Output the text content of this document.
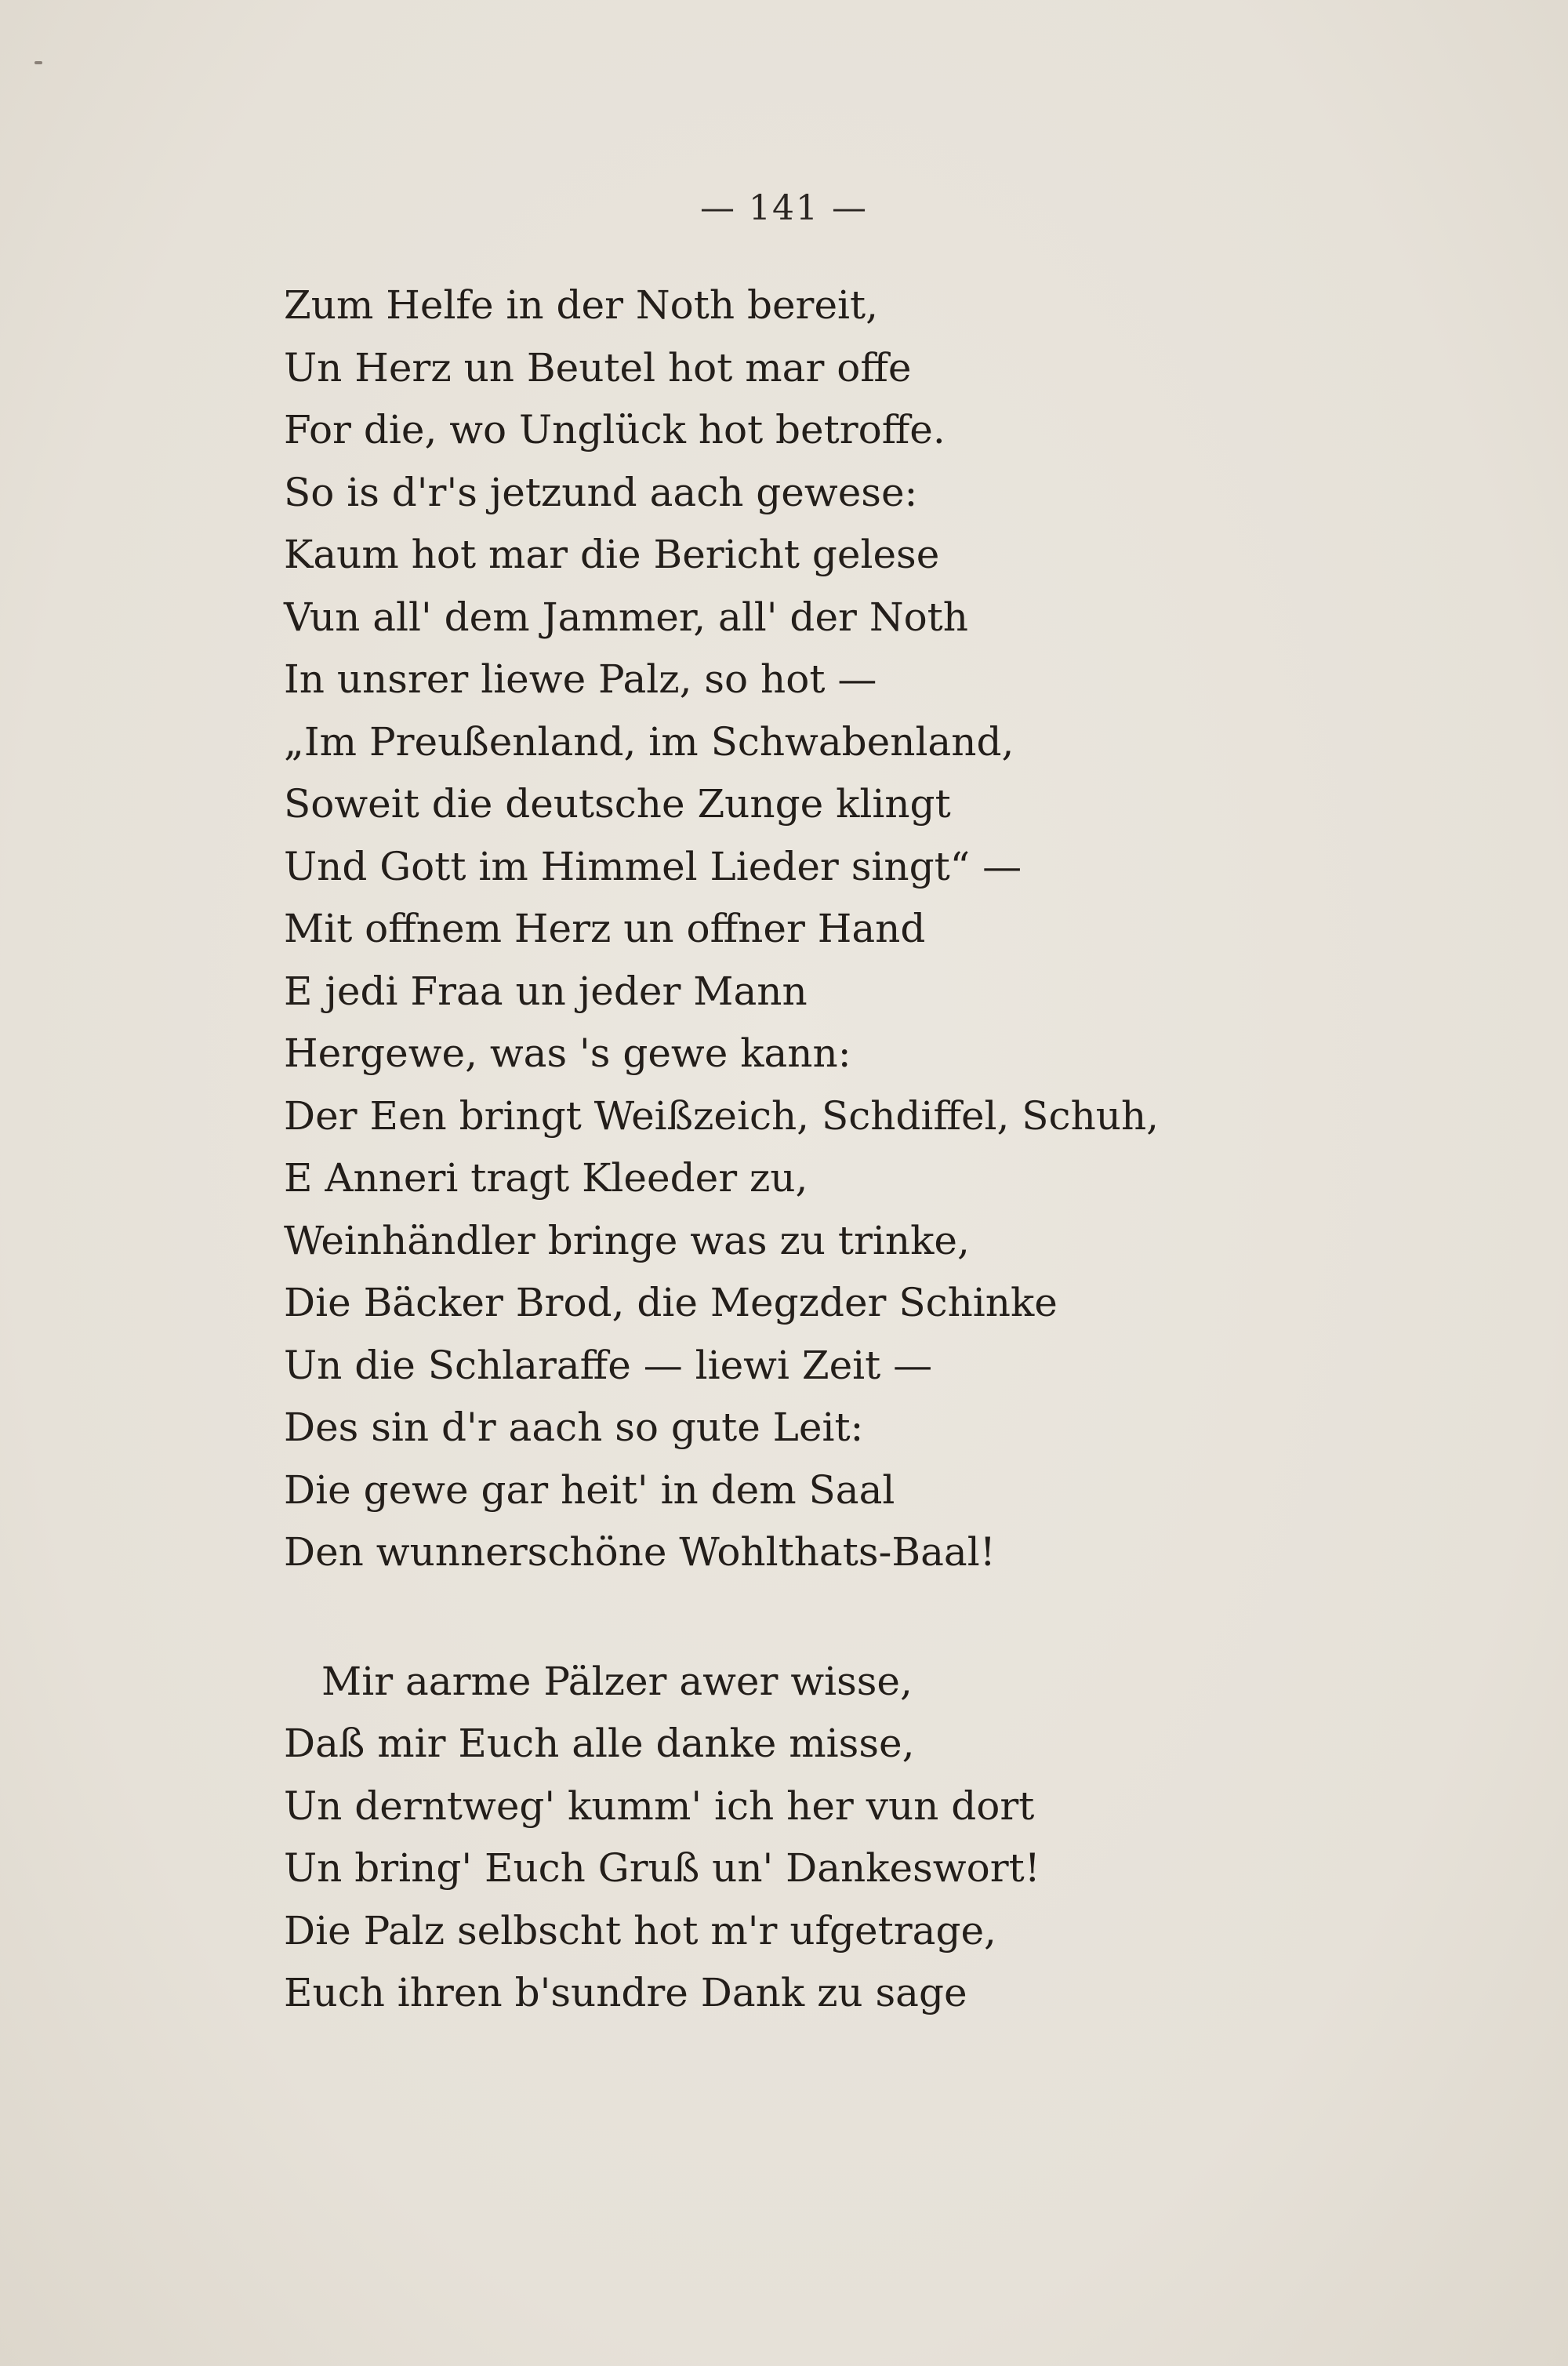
— 141 —
Zum Helfe in der Noth bereit,
Un Herz un Beutel hot mar offe
For die, wo Unglück hot betroffe.
So is d'r's jetzund aach gewese:
Kaum hot mar die Bericht gelese
Vun all' dem Jammer, all' der Noth
In unsrer liewe Palz, so hot —
„Im Preußenland, im Schwabenland,
Soweit die deutsche Zunge klingt
Und Gott im Himmel Lieder singt“ —
Mit offnem Herz un offner Hand
E jedi Fraa un jeder Mann
Hergewe, was 's gewe kann:
Der Een bringt Weißzeich, Schdiffel, Schuh,
E Anneri tragt Kleeder zu,
Weinhändler bringe was zu trinke,
Die Bäcker Brod, die Megzder Schinke
Un die Schlaraffe — liewi Zeit —
Des sin d'r aach so gute Leit:
Die gewe gar heit' in dem Saal
Den wunnerschöne Wohlthats-Baal!
Mir aarme Pälzer awer wisse,
Daß mir Euch alle danke misse,
Un derntweg' kumm' ich her vun dort
Un bring' Euch Gruß un' Dankeswort!
Die Palz selbscht hot m'r ufgetrage,
Euch ihren b'sundre Dank zu sage
